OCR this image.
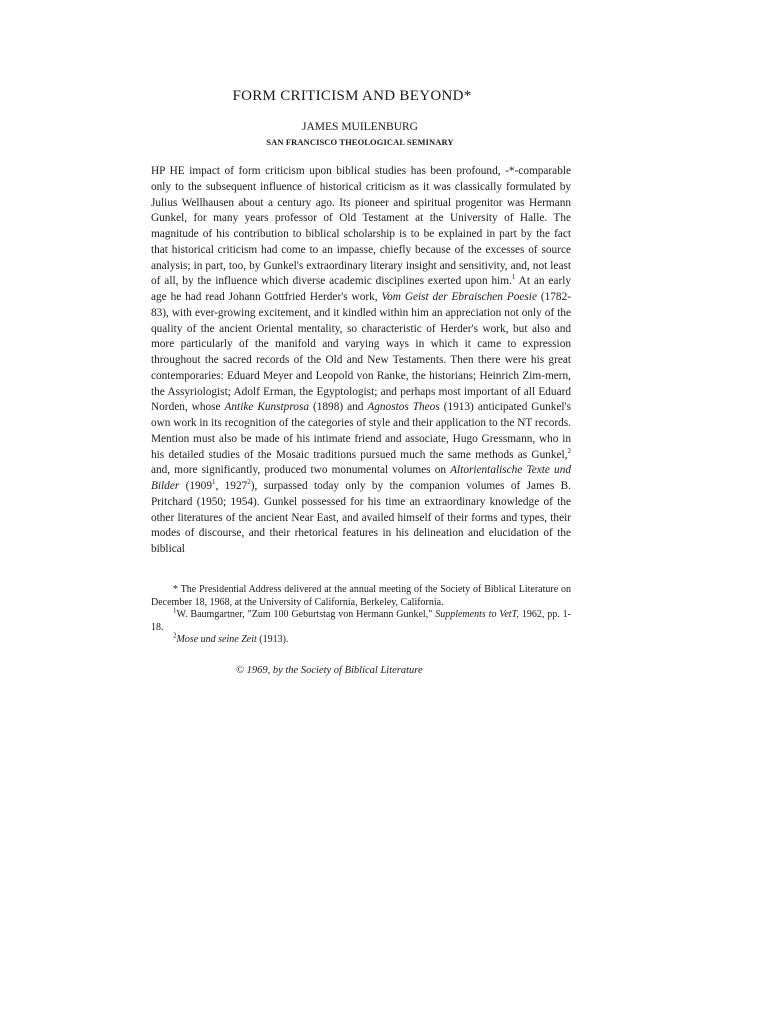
FORM CRITICISM AND BEYOND*
JAMES MUILENBURG
SAN FRANCISCO THEOLOGICAL SEMINARY

HP HE impact of form criticism upon biblical studies has been profound, -*-comparable only to the subsequent influence of historical criticism as it was classically formulated by Julius Wellhausen about a century ago. Its pioneer and spiritual progenitor was Hermann Gunkel, for many years professor of Old Testament at the University of Halle. The magnitude of his contribution to biblical scholarship is to be explained in part by the fact that historical criticism had come to an impasse, chiefly because of the excesses of source analysis; in part, too, by Gunkel's extraordinary literary insight and sensitivity, and, not least of all, by the influence which diverse academic disciplines exerted upon him.$^1$ At an early age he had read Johann Gottfried Herder's work, Vom Geist der Ebraischen Poesie (1782-83), with ever-growing excitement, and it kindled within him an appreciation not only of the quality of the ancient Oriental mentality, so characteristic of Herder's work, but also and more particularly of the manifold and varying ways in which it came to expression throughout the sacred records of the Old and New Testaments. Then there were his great contemporaries: Eduard Meyer and Leopold von Ranke, the historians; Heinrich Zim-mern, the Assyriologist; Adolf Erman, the Egyptologist; and perhaps most important of all Eduard Norden, whose Antike Kunstprosa (1898) and Agnostos Theos (1913) anticipated Gunkel's own work in its recognition of the categories of style and their application to the NT records. Mention must also be made of his intimate friend and associate, Hugo Gressmann, who in his detailed studies of the Mosaic traditions pursued much the same methods as Gunkel,$^2$ and, more significantly, produced two monumental volumes on Altorientalische Texte und Bilder (1909$^1$, 1927$^2$), surpassed today only by the companion volumes of James B. Pritchard (1950; 1954). Gunkel possessed for his time an extraordinary knowledge of the other literatures of the ancient Near East, and availed himself of their forms and types, their modes of discourse, and their rhetorical features in his delineation and elucidation of the biblical

* The Presidential Address delivered at the annual meeting of the Society of Biblical Literature on December 18, 1968, at the University of California, Berkeley, California.

$^1$W. Baumgartner, "Zum 100 Geburtstag von Hermann Gunkel," Supplements to VetT, 1962, pp. 1-18.

$^2$Mose und seine Zeit (1913).

© 1969, by the Society of Biblical Literature
